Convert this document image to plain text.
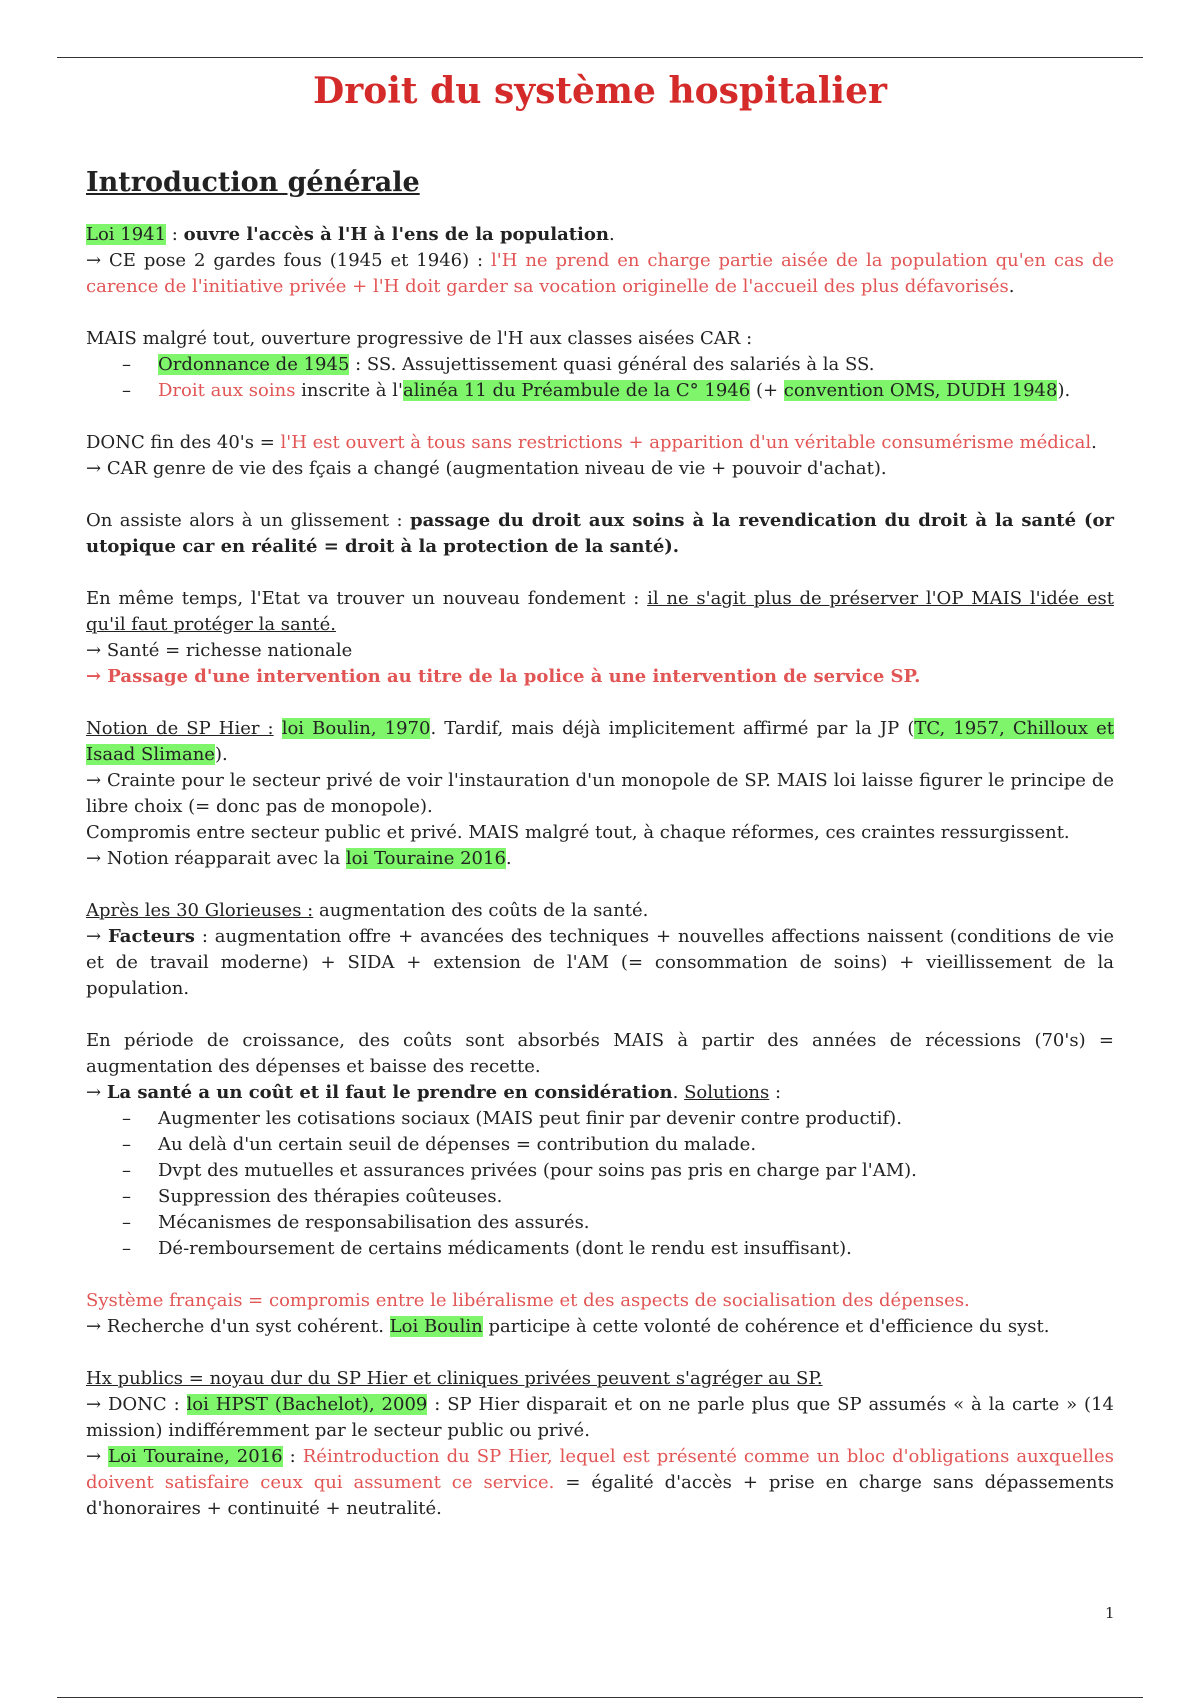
Droit du système hospitalier
Introduction générale
Loi 1941 : ouvre l'accès à l'H à l'ens de la population.
→ CE pose 2 gardes fous (1945 et 1946) : l'H ne prend en charge partie aisée de la population qu'en cas de carence de l'initiative privée + l'H doit garder sa vocation originelle de l'accueil des plus défavorisés.
MAIS malgré tout, ouverture progressive de l'H aux classes aisées CAR :
– Ordonnance de 1945 : SS. Assujettissement quasi général des salariés à la SS.
– Droit aux soins inscrite à l'alinéa 11 du Préambule de la C° 1946 (+ convention OMS, DUDH 1948).
DONC fin des 40's = l'H est ouvert à tous sans restrictions + apparition d'un véritable consumérisme médical.
→ CAR genre de vie des fçais a changé (augmentation niveau de vie + pouvoir d'achat).
On assiste alors à un glissement : passage du droit aux soins à la revendication du droit à la santé (or utopique car en réalité = droit à la protection de la santé).
En même temps, l'Etat va trouver un nouveau fondement : il ne s'agit plus de préserver l'OP MAIS l'idée est qu'il faut protéger la santé.
→ Santé = richesse nationale
→ Passage d'une intervention au titre de la police à une intervention de service SP.
Notion de SP Hier : loi Boulin, 1970. Tardif, mais déjà implicitement affirmé par la JP (TC, 1957, Chilloux et Isaad Slimane).
→ Crainte pour le secteur privé de voir l'instauration d'un monopole de SP. MAIS loi laisse figurer le principe de libre choix (= donc pas de monopole).
Compromis entre secteur public et privé. MAIS malgré tout, à chaque réformes, ces craintes ressurgissent.
→ Notion réapparait avec la loi Touraine 2016.
Après les 30 Glorieuses : augmentation des coûts de la santé.
→ Facteurs : augmentation offre + avancées des techniques + nouvelles affections naissent (conditions de vie et de travail moderne) + SIDA + extension de l'AM (= consommation de soins) + vieillissement de la population.
En période de croissance, des coûts sont absorbés MAIS à partir des années de récessions (70's) = augmentation des dépenses et baisse des recette.
→ La santé a un coût et il faut le prendre en considération. Solutions :
– Augmenter les cotisations sociaux (MAIS peut finir par devenir contre productif).
– Au delà d'un certain seuil de dépenses = contribution du malade.
– Dvpt des mutuelles et assurances privées (pour soins pas pris en charge par l'AM).
– Suppression des thérapies coûteuses.
– Mécanismes de responsabilisation des assurés.
– Dé-remboursement de certains médicaments (dont le rendu est insuffisant).
Système français = compromis entre le libéralisme et des aspects de socialisation des dépenses.
→ Recherche d'un syst cohérent. Loi Boulin participe à cette volonté de cohérence et d'efficience du syst.
Hx publics = noyau dur du SP Hier et cliniques privées peuvent s'agréger au SP.
→ DONC : loi HPST (Bachelot), 2009 : SP Hier disparait et on ne parle plus que SP assumés « à la carte » (14 mission) indifféremment par le secteur public ou privé.
→ Loi Touraine, 2016 : Réintroduction du SP Hier, lequel est présenté comme un bloc d'obligations auxquelles doivent satisfaire ceux qui assument ce service. = égalité d'accès + prise en charge sans dépassements d'honoraires + continuité + neutralité.
1
